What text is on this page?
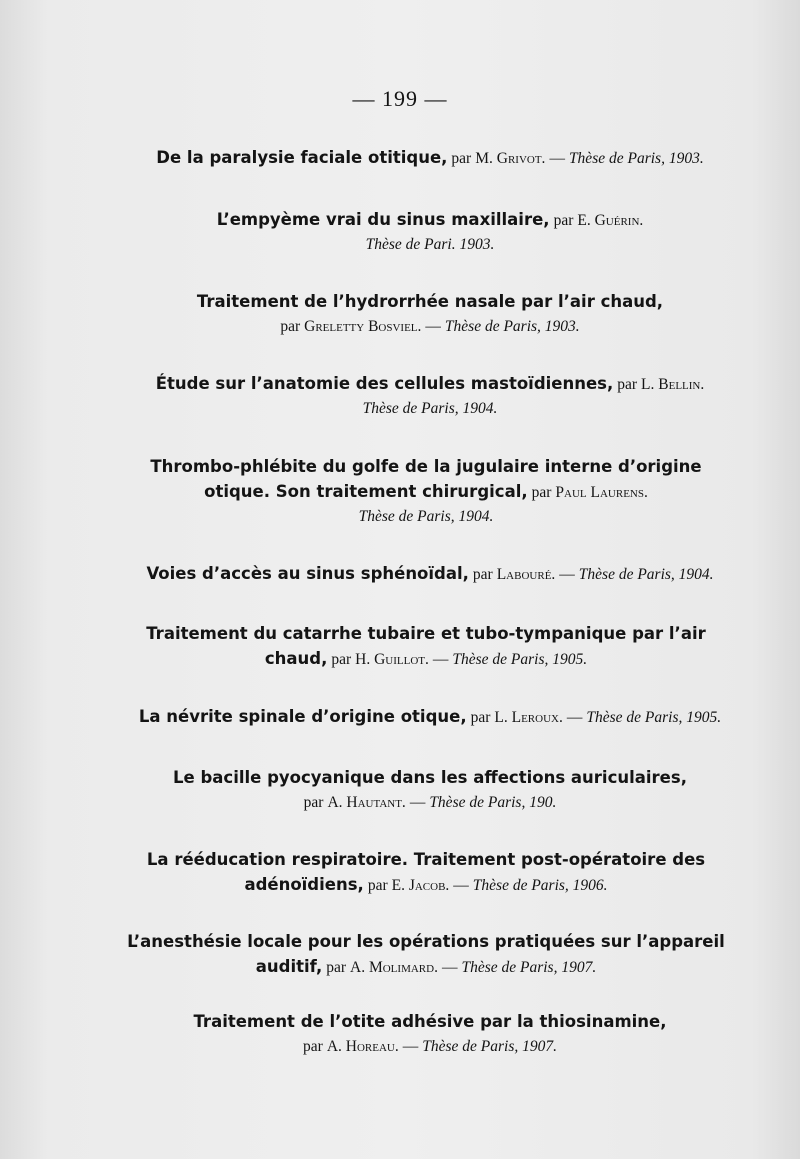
— 199 —
De la paralysie faciale otitique, par M. Grivot. — Thèse de Paris, 1903.
L’empyème vrai du sinus maxillaire, par E. Guérin.
Thèse de Pari. 1903.
Traitement de l’hydrorrhée nasale par l’air chaud,
par Greletty Bosviel. — Thèse de Paris, 1903.
Étude sur l’anatomie des cellules mastoïdiennes, par L. Bellin.
Thèse de Paris, 1904.
Thrombo-phlébite du golfe de la jugulaire interne d’origine otique. Son traitement chirurgical, par Paul Laurens.
Thèse de Paris, 1904.
Voies d’accès au sinus sphénoïdal, par Labouré. — Thèse de Paris, 1904.
Traitement du catarrhe tubaire et tubo-tympanique par l’air chaud, par H. Guillot. — Thèse de Paris, 1905.
La névrite spinale d’origine otique, par L. Leroux. — Thèse de Paris, 1905.
Le bacille pyocyanique dans les affections auriculaires,
par A. Hautant. — Thèse de Paris, 190.
La rééducation respiratoire. Traitement post-opératoire des adénoïdiens, par E. Jacob. — Thèse de Paris, 1906.
L’anesthésie locale pour les opérations pratiquées sur l’appareil auditif, par A. Molimard. — Thèse de Paris, 1907.
Traitement de l’otite adhésive par la thiosinamine,
par A. Horeau. — Thèse de Paris, 1907.
